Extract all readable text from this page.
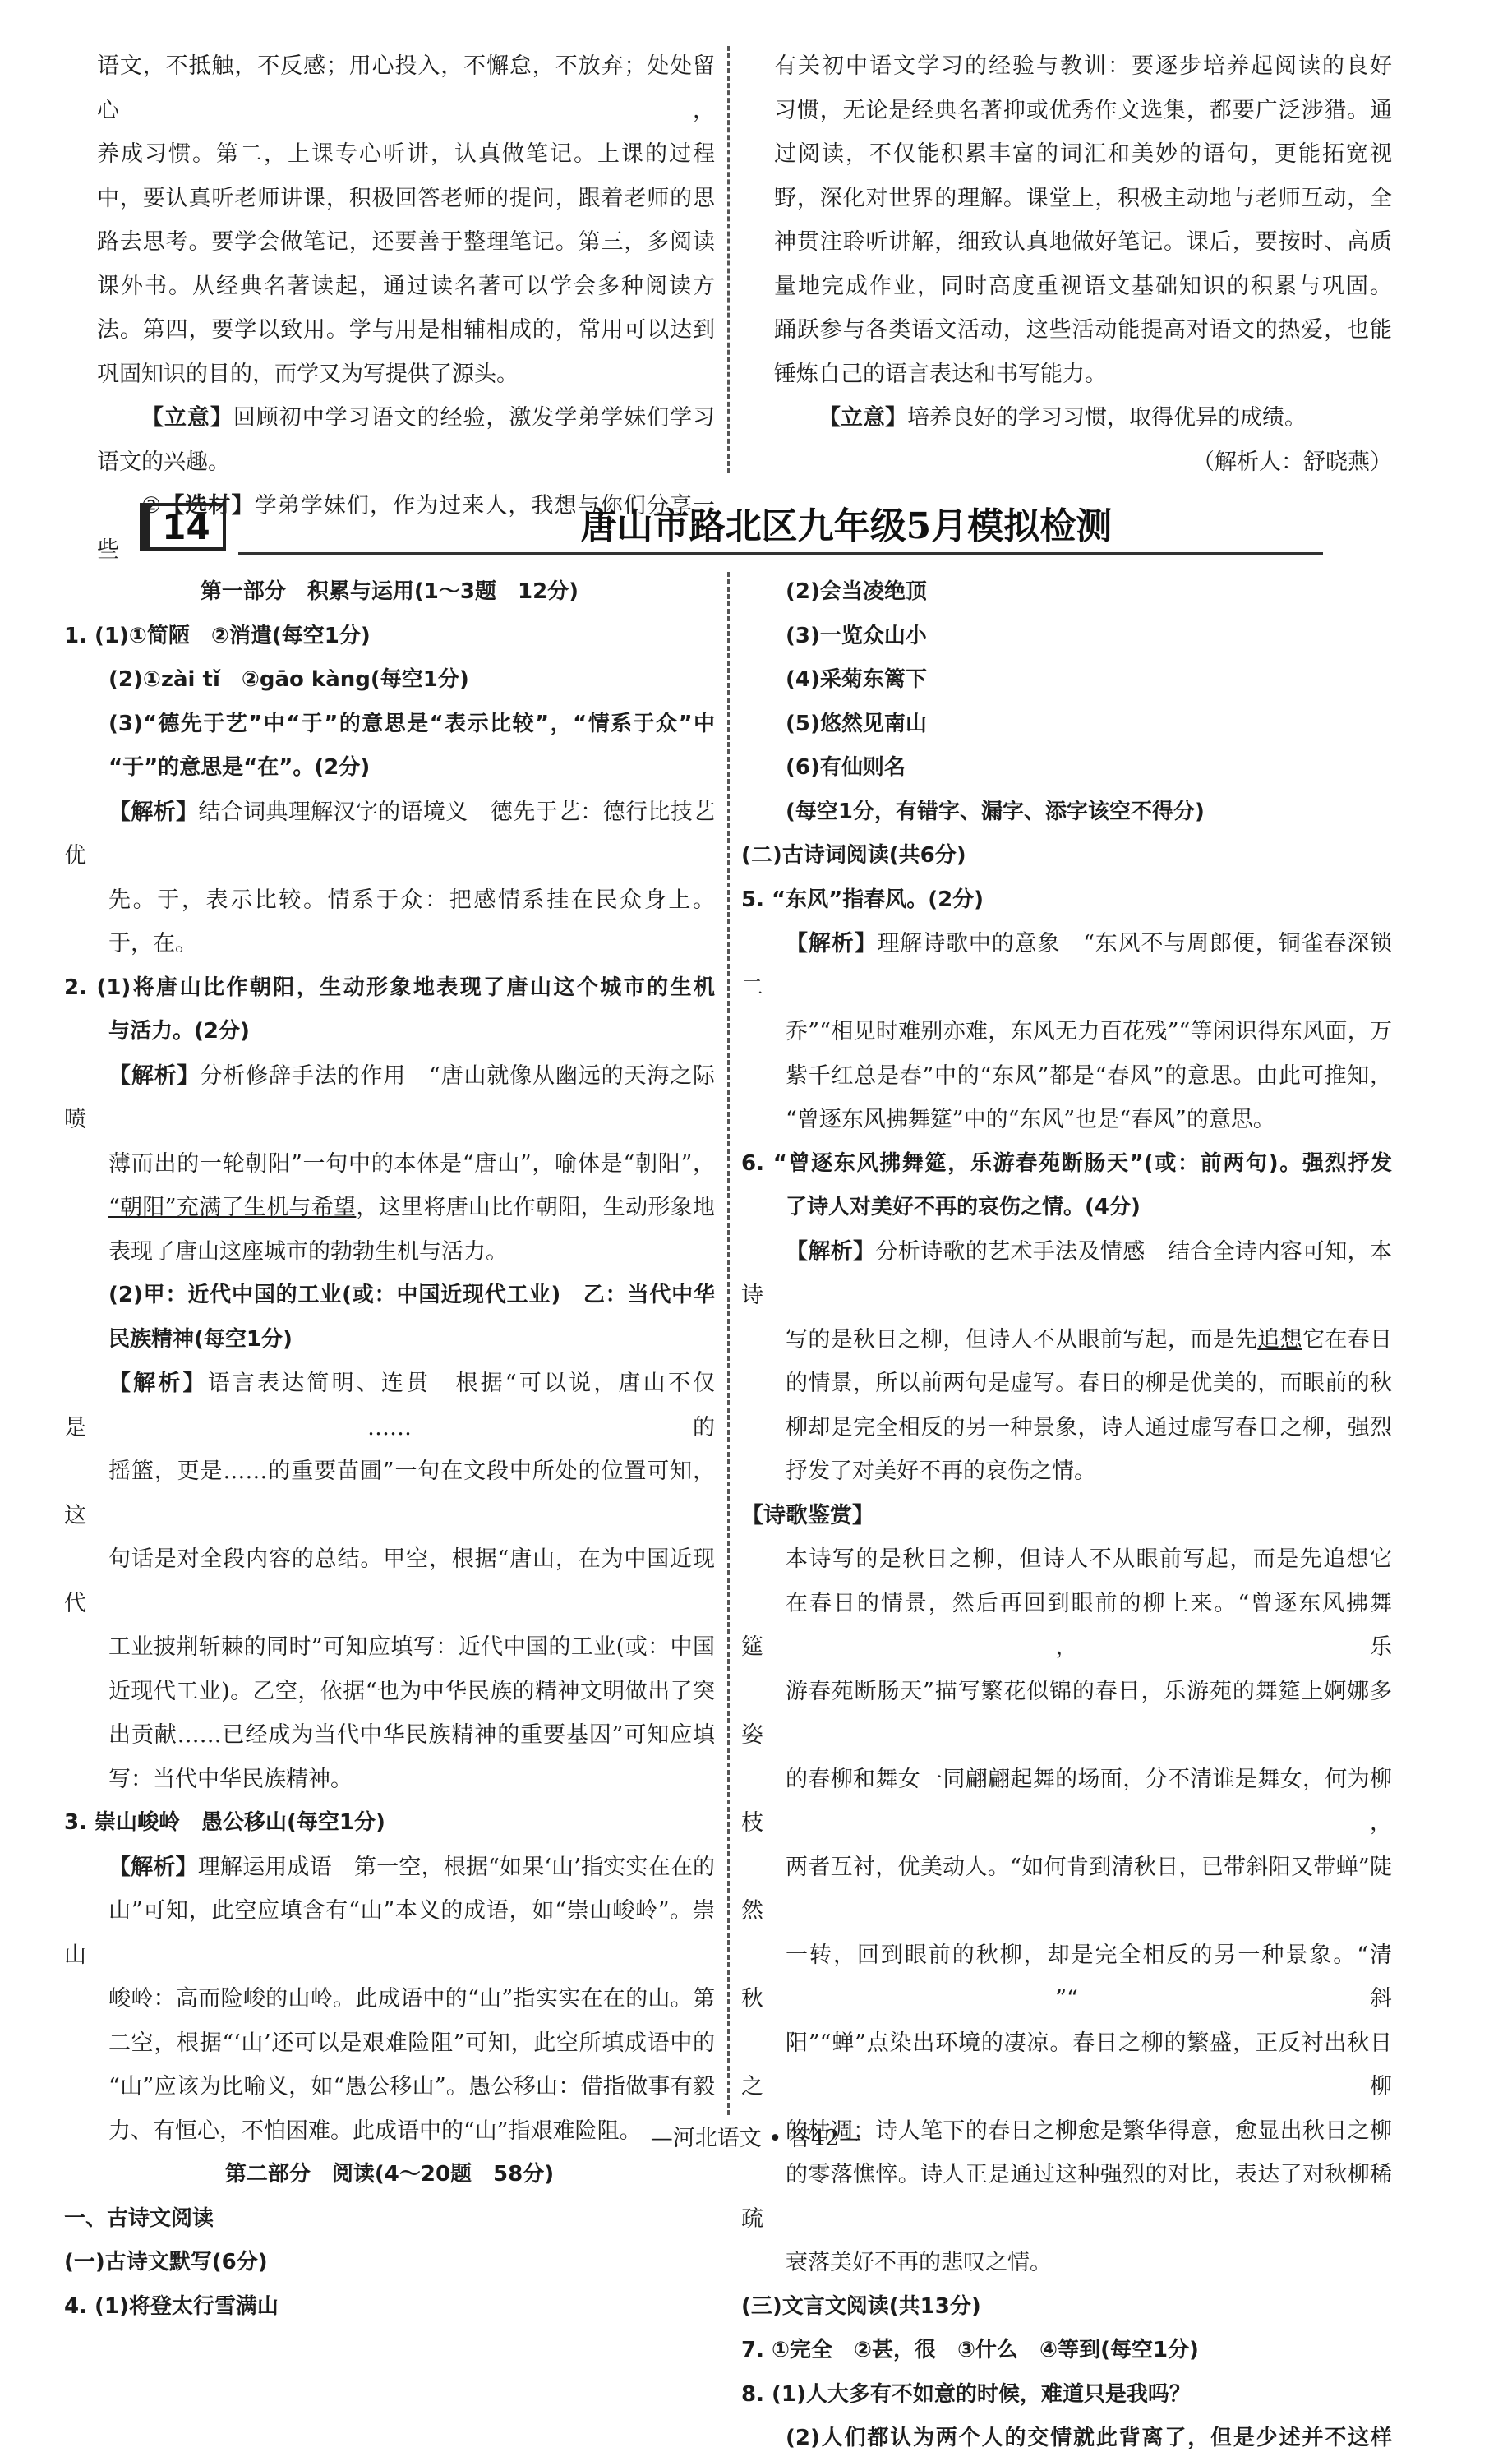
语文，不抵触，不反感；用心投入，不懈怠，不放弃；处处留心，

养成习惯。第二，上课专心听讲，认真做笔记。上课的过程

中，要认真听老师讲课，积极回答老师的提问，跟着老师的思

路去思考。要学会做笔记，还要善于整理笔记。第三，多阅读

课外书。从经典名著读起，通过读名著可以学会多种阅读方

法。第四，要学以致用。学与用是相辅相成的，常用可以达到

巩固知识的目的，而学又为写提供了源头。

【立意】回顾初中学习语文的经验，激发学弟学妹们学习

语文的兴趣。

②【选材】学弟学妹们，作为过来人，我想与你们分享一些

有关初中语文学习的经验与教训：要逐步培养起阅读的良好

习惯，无论是经典名著抑或优秀作文选集，都要广泛涉猎。通

过阅读，不仅能积累丰富的词汇和美妙的语句，更能拓宽视

野，深化对世界的理解。课堂上，积极主动地与老师互动，全

神贯注聆听讲解，细致认真地做好笔记。课后，要按时、高质

量地完成作业，同时高度重视语文基础知识的积累与巩固。

踊跃参与各类语文活动，这些活动能提高对语文的热爱，也能

锤炼自己的语言表达和书写能力。

【立意】培养良好的学习习惯，取得优异的成绩。

（解析人：舒晓燕）

14	唐山市路北区九年级5月模拟检测

第一部分　积累与运用(1～3题　12分)

1. (1)①简陋　②消遣(每空1分)

(2)①zài tǐ　②gāo kàng(每空1分)

(3)“德先于艺”中“于”的意思是“表示比较”，“情系于众”中

“于”的意思是“在”。(2分)

【解析】结合词典理解汉字的语境义　德先于艺：德行比技艺优

先。于，表示比较。情系于众：把感情系挂在民众身上。

于，在。

2. (1)将唐山比作朝阳，生动形象地表现了唐山这个城市的生机

与活力。(2分)

【解析】分析修辞手法的作用　“唐山就像从幽远的天海之际喷

薄而出的一轮朝阳”一句中的本体是“唐山”，喻体是“朝阳”，

“朝阳”充满了生机与希望，这里将唐山比作朝阳，生动形象地

表现了唐山这座城市的勃勃生机与活力。

(2)甲：近代中国的工业(或：中国近现代工业)　乙：当代中华

民族精神(每空1分)

【解析】语言表达简明、连贯　根据“可以说，唐山不仅是……的

摇篮，更是……的重要苗圃”一句在文段中所处的位置可知，这

句话是对全段内容的总结。甲空，根据“唐山，在为中国近现代

工业披荆斩棘的同时”可知应填写：近代中国的工业(或：中国

近现代工业)。乙空，依据“也为中华民族的精神文明做出了突

出贡献……已经成为当代中华民族精神的重要基因”可知应填

写：当代中华民族精神。

3. 崇山峻岭　愚公移山(每空1分)

【解析】理解运用成语　第一空，根据“如果‘山’指实实在在的

山”可知，此空应填含有“山”本义的成语，如“崇山峻岭”。崇山

峻岭：高而险峻的山岭。此成语中的“山”指实实在在的山。第

二空，根据“‘山’还可以是艰难险阻”可知，此空所填成语中的

“山”应该为比喻义，如“愚公移山”。愚公移山：借指做事有毅

力、有恒心，不怕困难。此成语中的“山”指艰难险阻。

第二部分　阅读(4～20题　58分)

一、古诗文阅读

(一)古诗文默写(6分)

4. (1)将登太行雪满山

(2)会当凌绝顶

(3)一览众山小

(4)采菊东篱下

(5)悠然见南山

(6)有仙则名

(每空1分，有错字、漏字、添字该空不得分)

(二)古诗词阅读(共6分)

5. “东风”指春风。(2分)

【解析】理解诗歌中的意象　“东风不与周郎便，铜雀春深锁二

乔”“相见时难别亦难，东风无力百花残”“等闲识得东风面，万

紫千红总是春”中的“东风”都是“春风”的意思。由此可推知，

“曾逐东风拂舞筵”中的“东风”也是“春风”的意思。

6. “曾逐东风拂舞筵，乐游春苑断肠天”(或：前两句)。强烈抒发

了诗人对美好不再的哀伤之情。(4分)

【解析】分析诗歌的艺术手法及情感　结合全诗内容可知，本诗

写的是秋日之柳，但诗人不从眼前写起，而是先追想它在春日

的情景，所以前两句是虚写。春日的柳是优美的，而眼前的秋

柳却是完全相反的另一种景象，诗人通过虚写春日之柳，强烈

抒发了对美好不再的哀伤之情。

【诗歌鉴赏】

本诗写的是秋日之柳，但诗人不从眼前写起，而是先追想它

在春日的情景，然后再回到眼前的柳上来。“曾逐东风拂舞筵，乐

游春苑断肠天”描写繁花似锦的春日，乐游苑的舞筵上婀娜多姿

的春柳和舞女一同翩翩起舞的场面，分不清谁是舞女，何为柳枝，

两者互衬，优美动人。“如何肯到清秋日，已带斜阳又带蝉”陡然

一转，回到眼前的秋柳，却是完全相反的另一种景象。“清秋”“斜

阳”“蝉”点染出环境的凄凉。春日之柳的繁盛，正反衬出秋日之柳

的枯凋；诗人笔下的春日之柳愈是繁华得意，愈显出秋日之柳

的零落憔悴。诗人正是通过这种强烈的对比，表达了对秋柳稀疏

衰落美好不再的悲叹之情。

(三)文言文阅读(共13分)

7. ①完全　②甚，很　③什么　④等到(每空1分)

8. (1)人大多有不如意的时候，难道只是我吗？

(2)人们都认为两个人的交情就此背离了，但是少述并不这样

—河北语文 • 答42—
